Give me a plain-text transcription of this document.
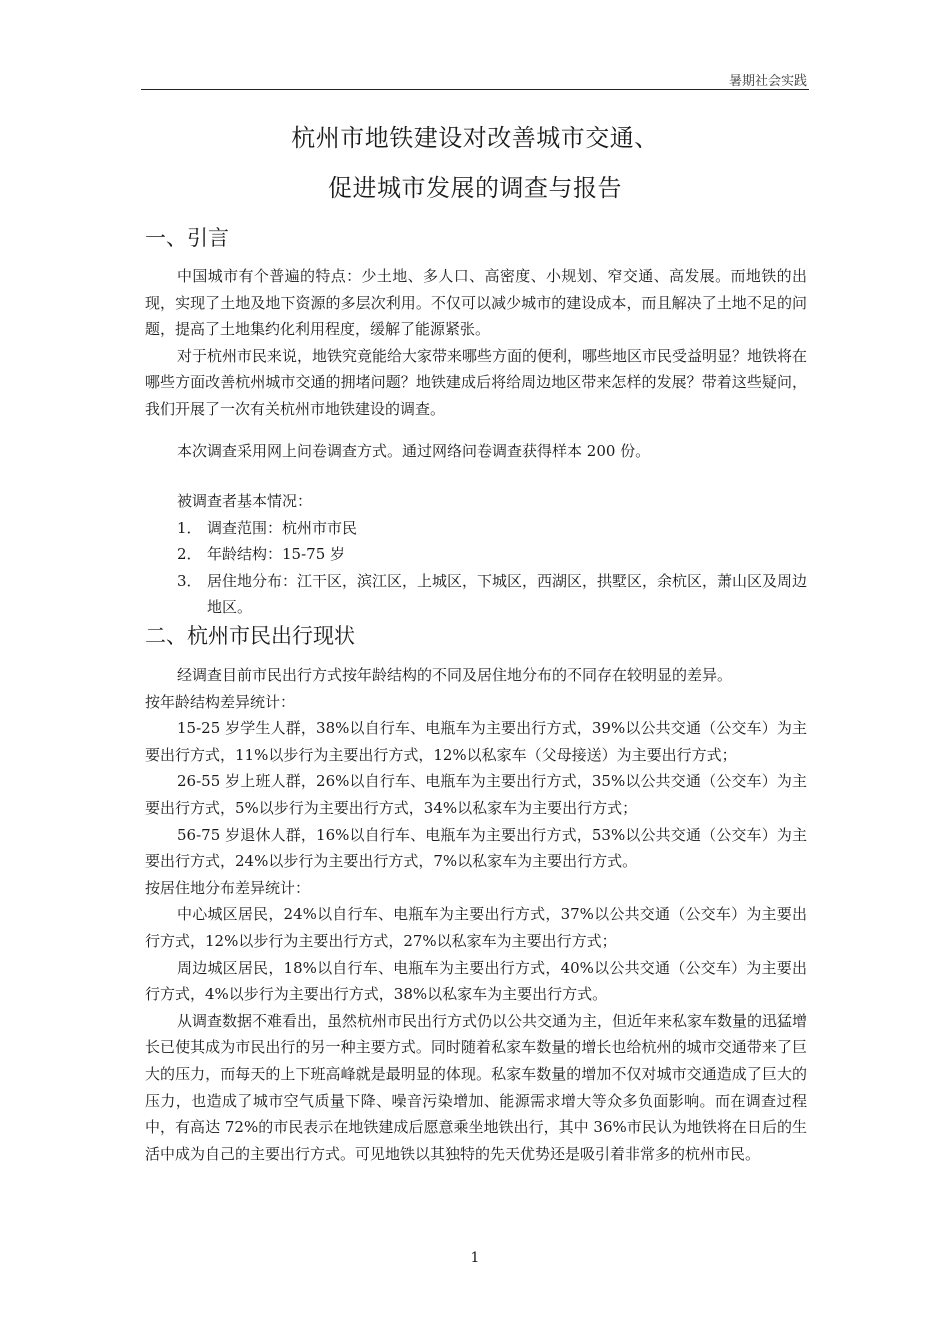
暑期社会实践
杭州市地铁建设对改善城市交通、
促进城市发展的调查与报告
一、引言

中国城市有个普遍的特点：少土地、多人口、高密度、小规划、窄交通、高发展。而地铁的出现，实现了土地及地下资源的多层次利用。不仅可以减少城市的建设成本，而且解决了土地不足的问题，提高了土地集约化利用程度，缓解了能源紧张。

对于杭州市民来说，地铁究竟能给大家带来哪些方面的便利，哪些地区市民受益明显？地铁将在哪些方面改善杭州城市交通的拥堵问题？地铁建成后将给周边地区带来怎样的发展？带着这些疑问，我们开展了一次有关杭州市地铁建设的调查。

本次调查采用网上问卷调查方式。通过网络问卷调查获得样本 200 份。

被调查者基本情况：

1． 调查范围：杭州市市民
2． 年龄结构：15-75 岁
3． 居住地分布：江干区，滨江区，上城区，下城区，西湖区，拱墅区，余杭区，萧山区及周边地区。
二、杭州市民出行现状

经调查目前市民出行方式按年龄结构的不同及居住地分布的不同存在较明显的差异。

按年龄结构差异统计：

15-25 岁学生人群，38%以自行车、电瓶车为主要出行方式，39%以公共交通（公交车）为主要出行方式，11%以步行为主要出行方式，12%以私家车（父母接送）为主要出行方式；

26-55 岁上班人群，26%以自行车、电瓶车为主要出行方式，35%以公共交通（公交车）为主要出行方式，5%以步行为主要出行方式，34%以私家车为主要出行方式；

56-75 岁退休人群，16%以自行车、电瓶车为主要出行方式，53%以公共交通（公交车）为主要出行方式，24%以步行为主要出行方式，7%以私家车为主要出行方式。

按居住地分布差异统计：

中心城区居民，24%以自行车、电瓶车为主要出行方式，37%以公共交通（公交车）为主要出行方式，12%以步行为主要出行方式，27%以私家车为主要出行方式；

周边城区居民，18%以自行车、电瓶车为主要出行方式，40%以公共交通（公交车）为主要出行方式，4%以步行为主要出行方式，38%以私家车为主要出行方式。

从调查数据不难看出，虽然杭州市民出行方式仍以公共交通为主，但近年来私家车数量的迅猛增长已使其成为市民出行的另一种主要方式。同时随着私家车数量的增长也给杭州的城市交通带来了巨大的压力，而每天的上下班高峰就是最明显的体现。私家车数量的增加不仅对城市交通造成了巨大的压力，也造成了城市空气质量下降、噪音污染增加、能源需求增大等众多负面影响。而在调查过程中，有高达 72%的市民表示在地铁建成后愿意乘坐地铁出行，其中 36%市民认为地铁将在日后的生活中成为自己的主要出行方式。可见地铁以其独特的先天优势还是吸引着非常多的杭州市民。

1
